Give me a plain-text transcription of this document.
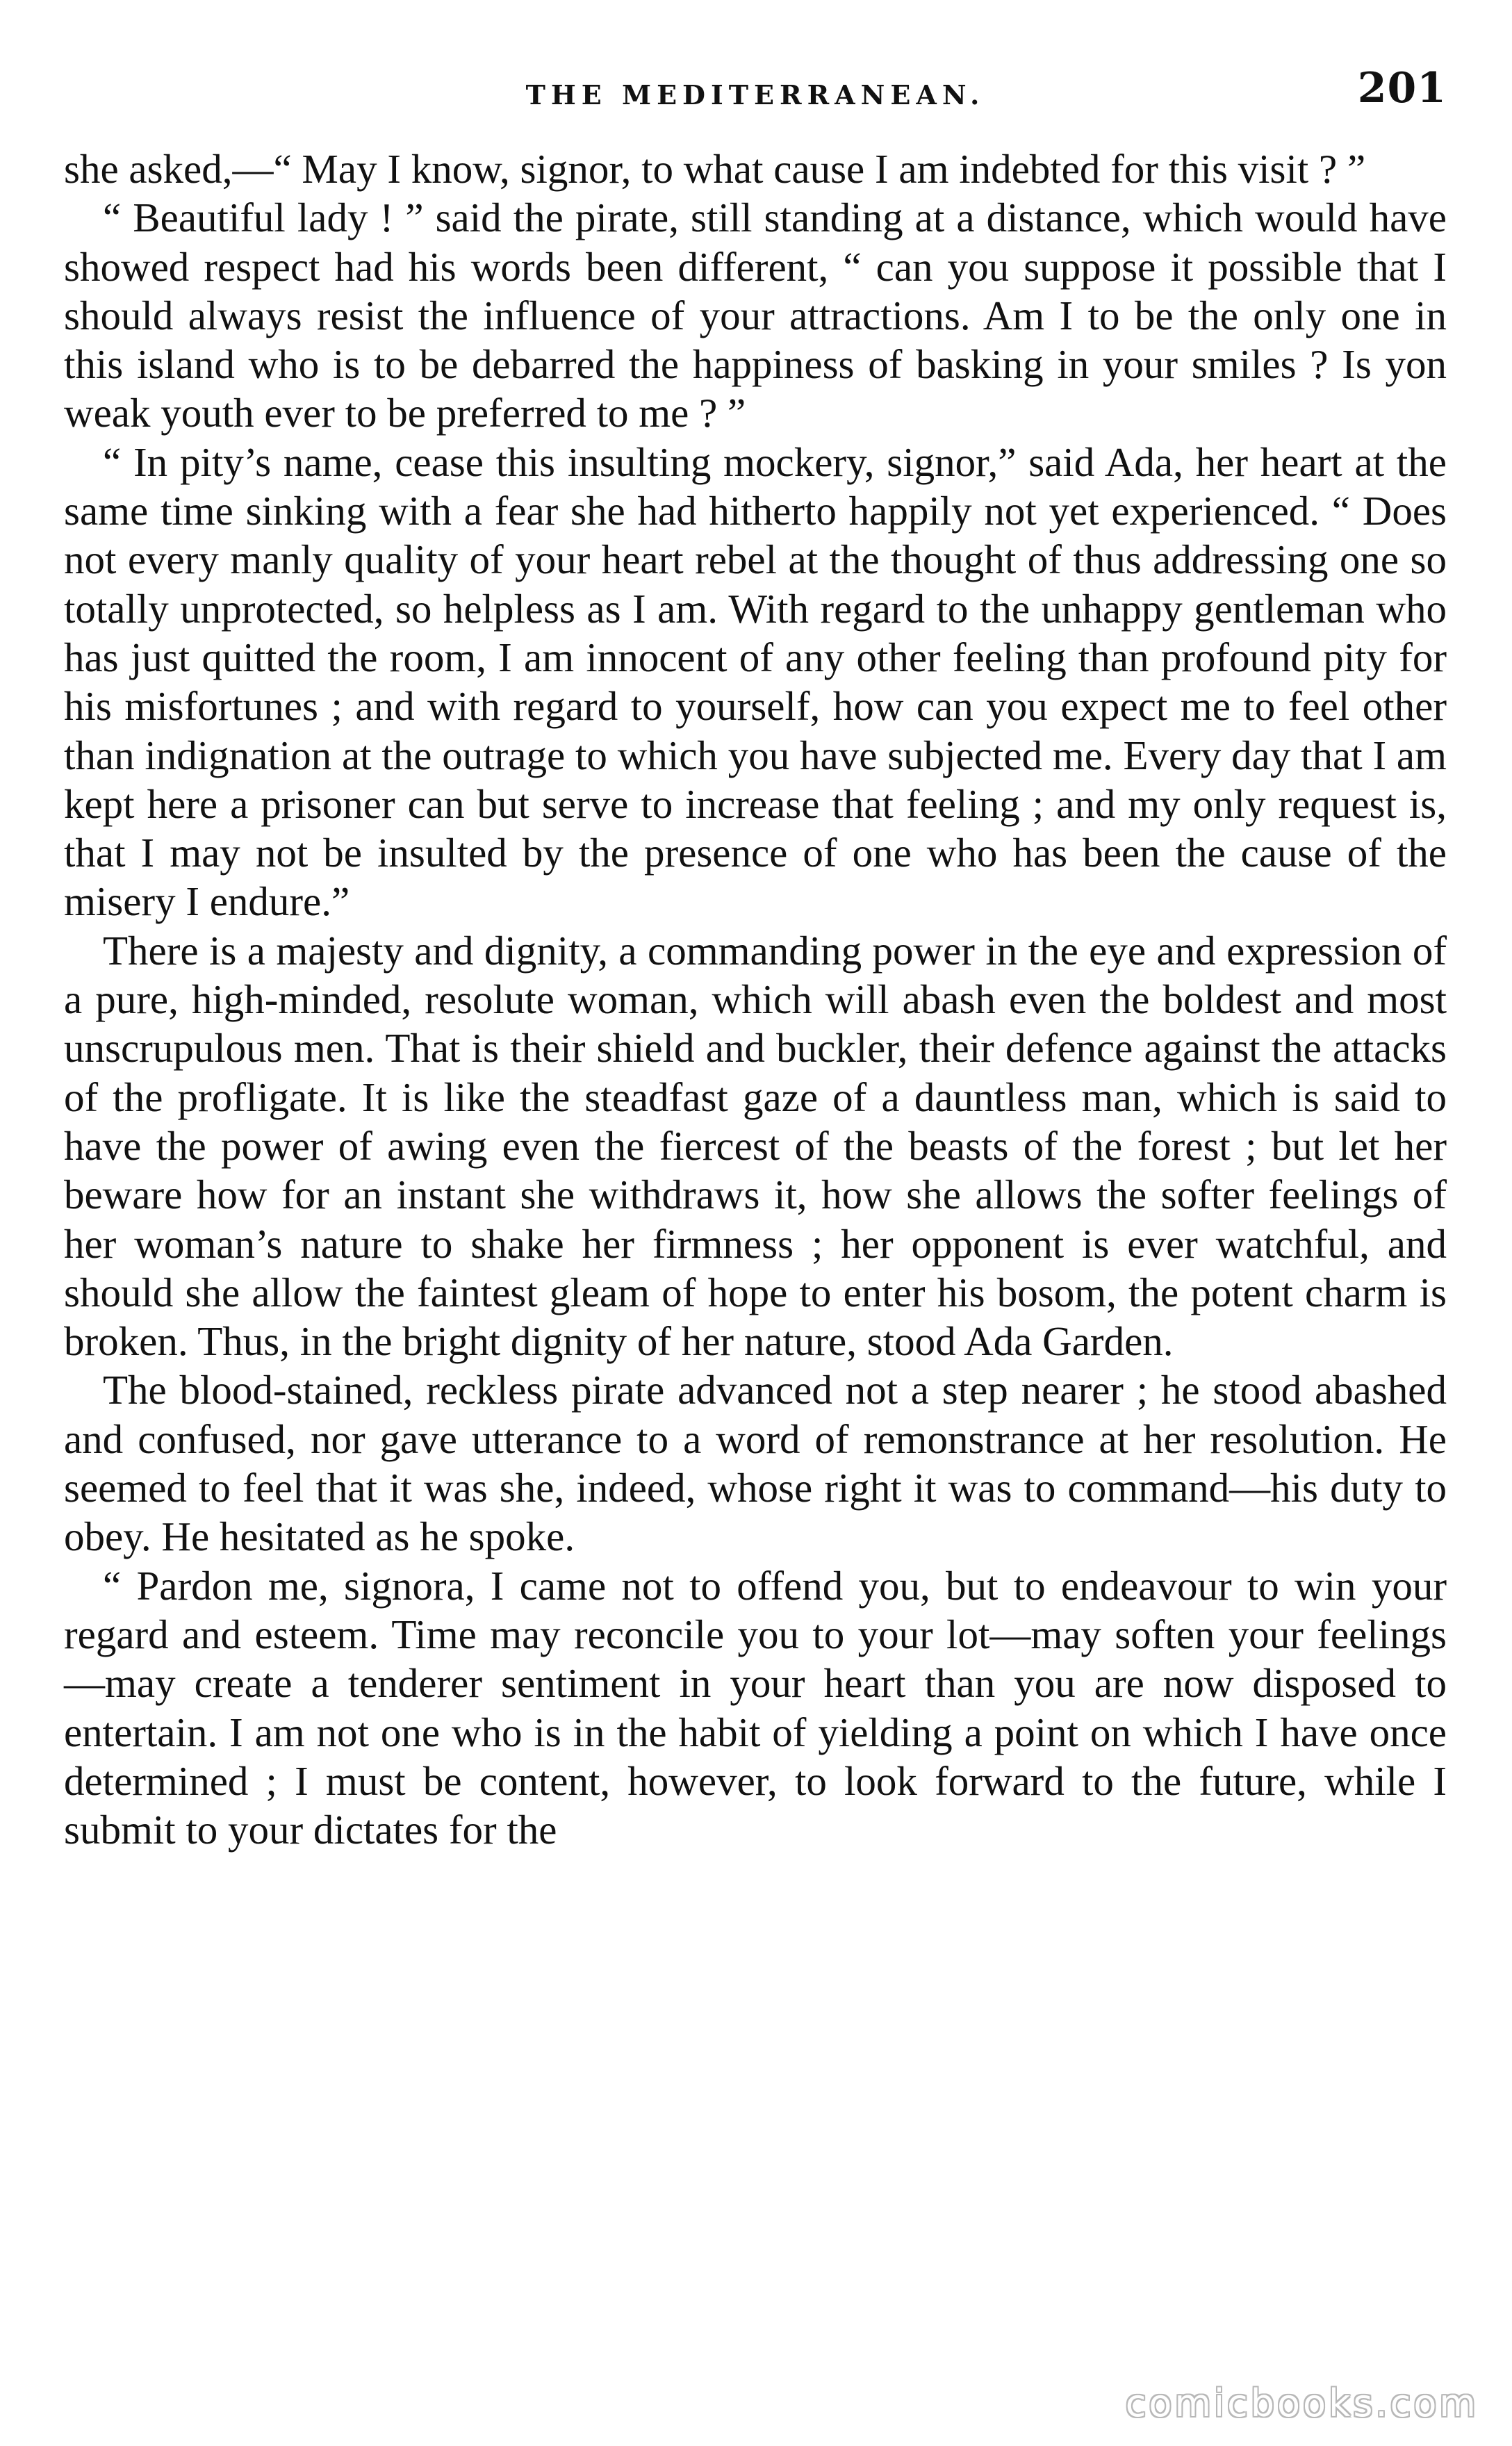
THE MEDITERRANEAN.	201

she asked,—“ May I know, signor, to what cause I am indebted for this visit ? ”

“ Beautiful lady ! ” said the pirate, still standing at a distance, which would have showed respect had his words been different, “ can you suppose it possible that I should always resist the influence of your attractions. Am I to be the only one in this island who is to be debarred the happiness of basking in your smiles ? Is yon weak youth ever to be preferred to me ? ”

“ In pity’s name, cease this insulting mockery, signor,” said Ada, her heart at the same time sinking with a fear she had hitherto happily not yet experienced. “ Does not every manly quality of your heart rebel at the thought of thus addressing one so totally unprotected, so helpless as I am. With regard to the unhappy gentleman who has just quitted the room, I am innocent of any other feeling than profound pity for his misfortunes ; and with regard to yourself, how can you expect me to feel other than indignation at the outrage to which you have subjected me. Every day that I am kept here a prisoner can but serve to increase that feeling ; and my only request is, that I may not be insulted by the presence of one who has been the cause of the misery I endure.”

There is a majesty and dignity, a commanding power in the eye and expression of a pure, high-minded, resolute woman, which will abash even the boldest and most unscrupulous men. That is their shield and buckler, their defence against the attacks of the profligate. It is like the steadfast gaze of a dauntless man, which is said to have the power of awing even the fiercest of the beasts of the forest ; but let her beware how for an instant she withdraws it, how she allows the softer feelings of her woman’s nature to shake her firmness ; her opponent is ever watchful, and should she allow the faintest gleam of hope to enter his bosom, the potent charm is broken. Thus, in the bright dignity of her nature, stood Ada Garden.

The blood-stained, reckless pirate advanced not a step nearer ; he stood abashed and confused, nor gave utterance to a word of remonstrance at her resolution. He seemed to feel that it was she, indeed, whose right it was to command—his duty to obey. He hesitated as he spoke.

“ Pardon me, signora, I came not to offend you, but to endeavour to win your regard and esteem. Time may reconcile you to your lot—may soften your feelings—may create a tenderer sentiment in your heart than you are now disposed to entertain. I am not one who is in the habit of yielding a point on which I have once determined ; I must be content, however, to look forward to the future, while I submit to your dictates for the

comicbooks.com
